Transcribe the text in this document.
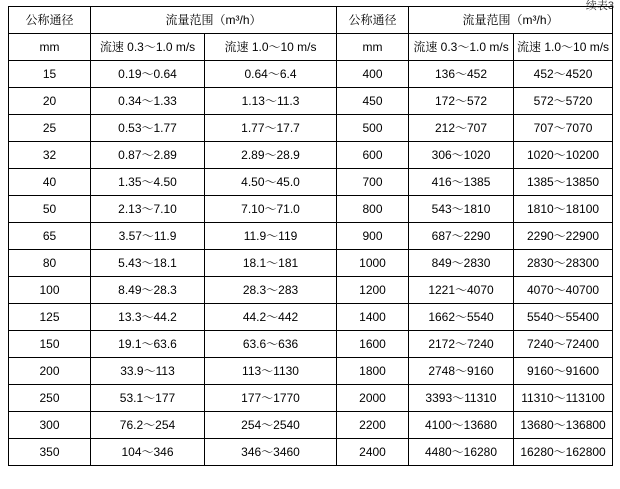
续表3
公称通径	流量范围（m³/h）		公称通径	流量范围（m³/h）	
mm	流速 0.3～1.0 m/s	流速 1.0～10 m/s	mm	流速 0.3～1.0 m/s	流速 1.0～10 m/s
15	0.19～0.64	0.64～6.4	400	136～452	452～4520
20	0.34～1.33	1.13～11.3	450	172～572	572～5720
25	0.53～1.77	1.77～17.7	500	212～707	707～7070
32	0.87～2.89	2.89～28.9	600	306～1020	1020～10200
40	1.35～4.50	4.50～45.0	700	416～1385	1385～13850
50	2.13～7.10	7.10～71.0	800	543～1810	1810～18100
65	3.57～11.9	11.9～119	900	687～2290	2290～22900
80	5.43～18.1	18.1～181	1000	849～2830	2830～28300
100	8.49～28.3	28.3～283	1200	1221～4070	4070～40700
125	13.3～44.2	44.2～442	1400	1662～5540	5540～55400
150	19.1～63.6	63.6～636	1600	2172～7240	7240～72400
200	33.9～113	113～1130	1800	2748～9160	9160～91600
250	53.1～177	177～1770	2000	3393～11310	11310～113100
300	76.2～254	254～2540	2200	4100～13680	13680～136800
350	104～346	346～3460	2400	4480～16280	16280～162800
